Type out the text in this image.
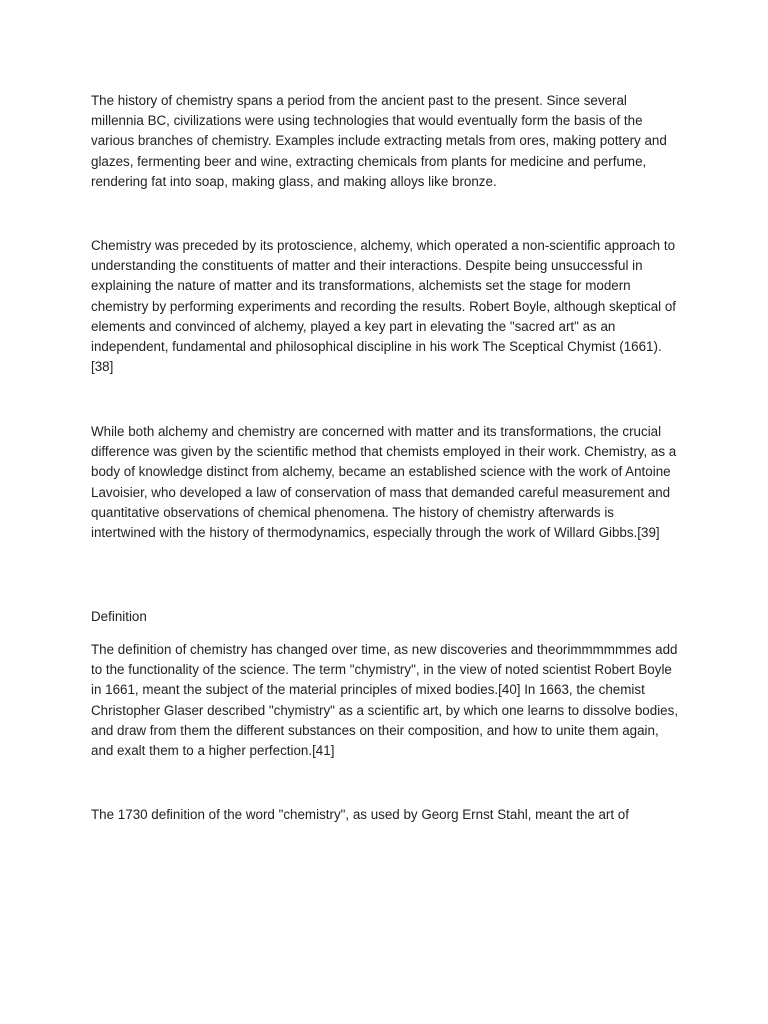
The history of chemistry spans a period from the ancient past to the present. Since several millennia BC, civilizations were using technologies that would eventually form the basis of the various branches of chemistry. Examples include extracting metals from ores, making pottery and glazes, fermenting beer and wine, extracting chemicals from plants for medicine and perfume, rendering fat into soap, making glass, and making alloys like bronze.

Chemistry was preceded by its protoscience, alchemy, which operated a non-scientific approach to understanding the constituents of matter and their interactions. Despite being unsuccessful in explaining the nature of matter and its transformations, alchemists set the stage for modern chemistry by performing experiments and recording the results. Robert Boyle, although skeptical of elements and convinced of alchemy, played a key part in elevating the "sacred art" as an independent, fundamental and philosophical discipline in his work The Sceptical Chymist (1661).[38]

While both alchemy and chemistry are concerned with matter and its transformations, the crucial difference was given by the scientific method that chemists employed in their work. Chemistry, as a body of knowledge distinct from alchemy, became an established science with the work of Antoine Lavoisier, who developed a law of conservation of mass that demanded careful measurement and quantitative observations of chemical phenomena. The history of chemistry afterwards is intertwined with the history of thermodynamics, especially through the work of Willard Gibbs.[39]

Definition

The definition of chemistry has changed over time, as new discoveries and theorimmmmmmes add to the functionality of the science. The term "chymistry", in the view of noted scientist Robert Boyle in 1661, meant the subject of the material principles of mixed bodies.[40] In 1663, the chemist Christopher Glaser described "chymistry" as a scientific art, by which one learns to dissolve bodies, and draw from them the different substances on their composition, and how to unite them again, and exalt them to a higher perfection.[41]

The 1730 definition of the word "chemistry", as used by Georg Ernst Stahl, meant the art of
